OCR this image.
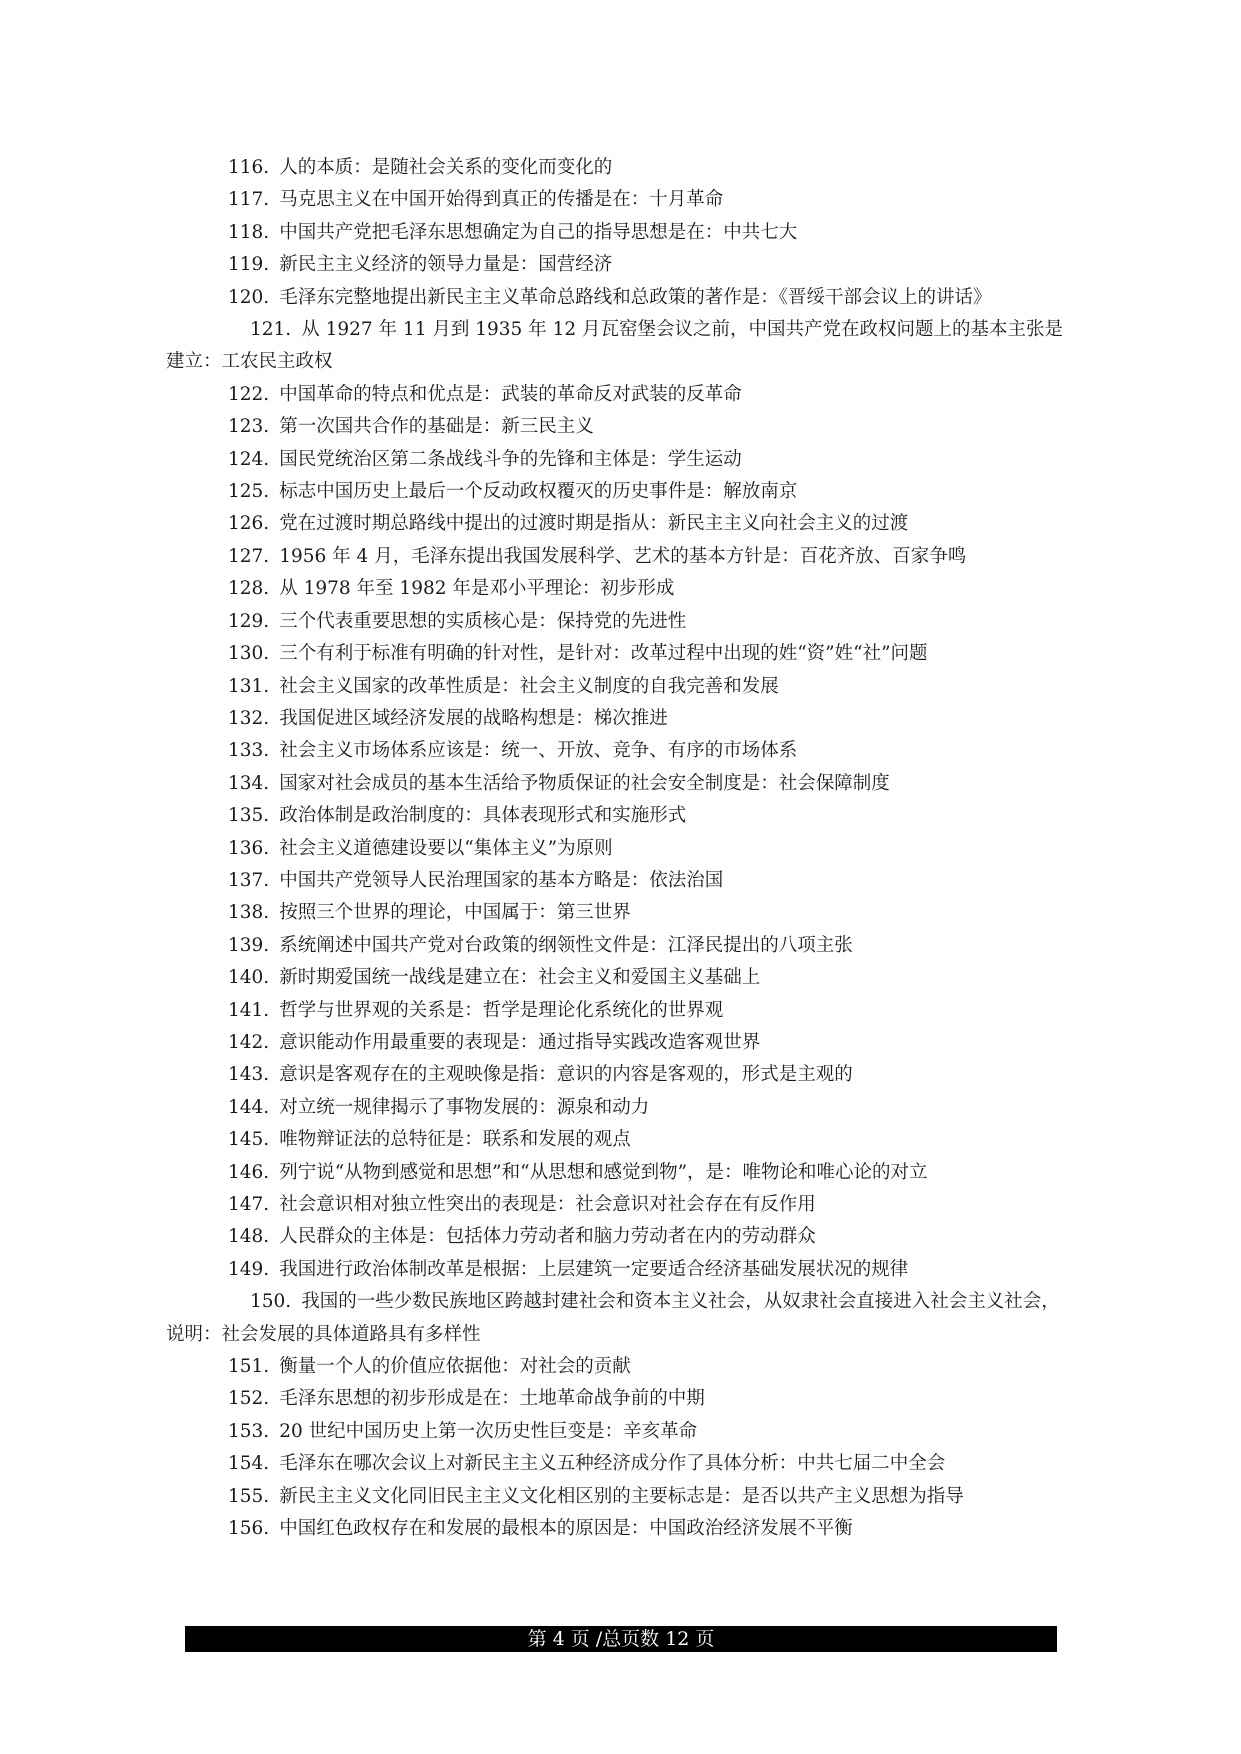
116. 人的本质：是随社会关系的变化而变化的
117. 马克思主义在中国开始得到真正的传播是在：十月革命
118. 中国共产党把毛泽东思想确定为自己的指导思想是在：中共七大
119. 新民主主义经济的领导力量是：国营经济
120. 毛泽东完整地提出新民主主义革命总路线和总政策的著作是：《晋绥干部会议上的讲话》
121. 从 1927 年 11 月到 1935 年 12 月瓦窑堡会议之前，中国共产党在政权问题上的基本主张是建立：工农民主政权
122. 中国革命的特点和优点是：武装的革命反对武装的反革命
123. 第一次国共合作的基础是：新三民主义
124. 国民党统治区第二条战线斗争的先锋和主体是：学生运动
125. 标志中国历史上最后一个反动政权覆灭的历史事件是：解放南京
126. 党在过渡时期总路线中提出的过渡时期是指从：新民主主义向社会主义的过渡
127. 1956 年 4 月，毛泽东提出我国发展科学、艺术的基本方针是：百花齐放、百家争鸣
128. 从 1978 年至 1982 年是邓小平理论：初步形成
129. 三个代表重要思想的实质核心是：保持党的先进性
130. 三个有利于标准有明确的针对性，是针对：改革过程中出现的姓“资”姓“社”问题
131. 社会主义国家的改革性质是：社会主义制度的自我完善和发展
132. 我国促进区域经济发展的战略构想是：梯次推进
133. 社会主义市场体系应该是：统一、开放、竞争、有序的市场体系
134. 国家对社会成员的基本生活给予物质保证的社会安全制度是：社会保障制度
135. 政治体制是政治制度的：具体表现形式和实施形式
136. 社会主义道德建设要以“集体主义”为原则
137. 中国共产党领导人民治理国家的基本方略是：依法治国
138. 按照三个世界的理论，中国属于：第三世界
139. 系统阐述中国共产党对台政策的纲领性文件是：江泽民提出的八项主张
140. 新时期爱国统一战线是建立在：社会主义和爱国主义基础上
141. 哲学与世界观的关系是：哲学是理论化系统化的世界观
142. 意识能动作用最重要的表现是：通过指导实践改造客观世界
143. 意识是客观存在的主观映像是指：意识的内容是客观的，形式是主观的
144. 对立统一规律揭示了事物发展的：源泉和动力
145. 唯物辩证法的总特征是：联系和发展的观点
146. 列宁说“从物到感觉和思想”和“从思想和感觉到物”，是：唯物论和唯心论的对立
147. 社会意识相对独立性突出的表现是：社会意识对社会存在有反作用
148. 人民群众的主体是：包括体力劳动者和脑力劳动者在内的劳动群众
149. 我国进行政治体制改革是根据：上层建筑一定要适合经济基础发展状况的规律
150. 我国的一些少数民族地区跨越封建社会和资本主义社会，从奴隶社会直接进入社会主义社会，说明：社会发展的具体道路具有多样性
151. 衡量一个人的价值应依据他：对社会的贡献
152. 毛泽东思想的初步形成是在：土地革命战争前的中期
153. 20 世纪中国历史上第一次历史性巨变是：辛亥革命
154. 毛泽东在哪次会议上对新民主主义五种经济成分作了具体分析：中共七届二中全会
155. 新民主主义文化同旧民主主义文化相区别的主要标志是：是否以共产主义思想为指导
156. 中国红色政权存在和发展的最根本的原因是：中国政治经济发展不平衡
第 4 页 /总页数 12 页
